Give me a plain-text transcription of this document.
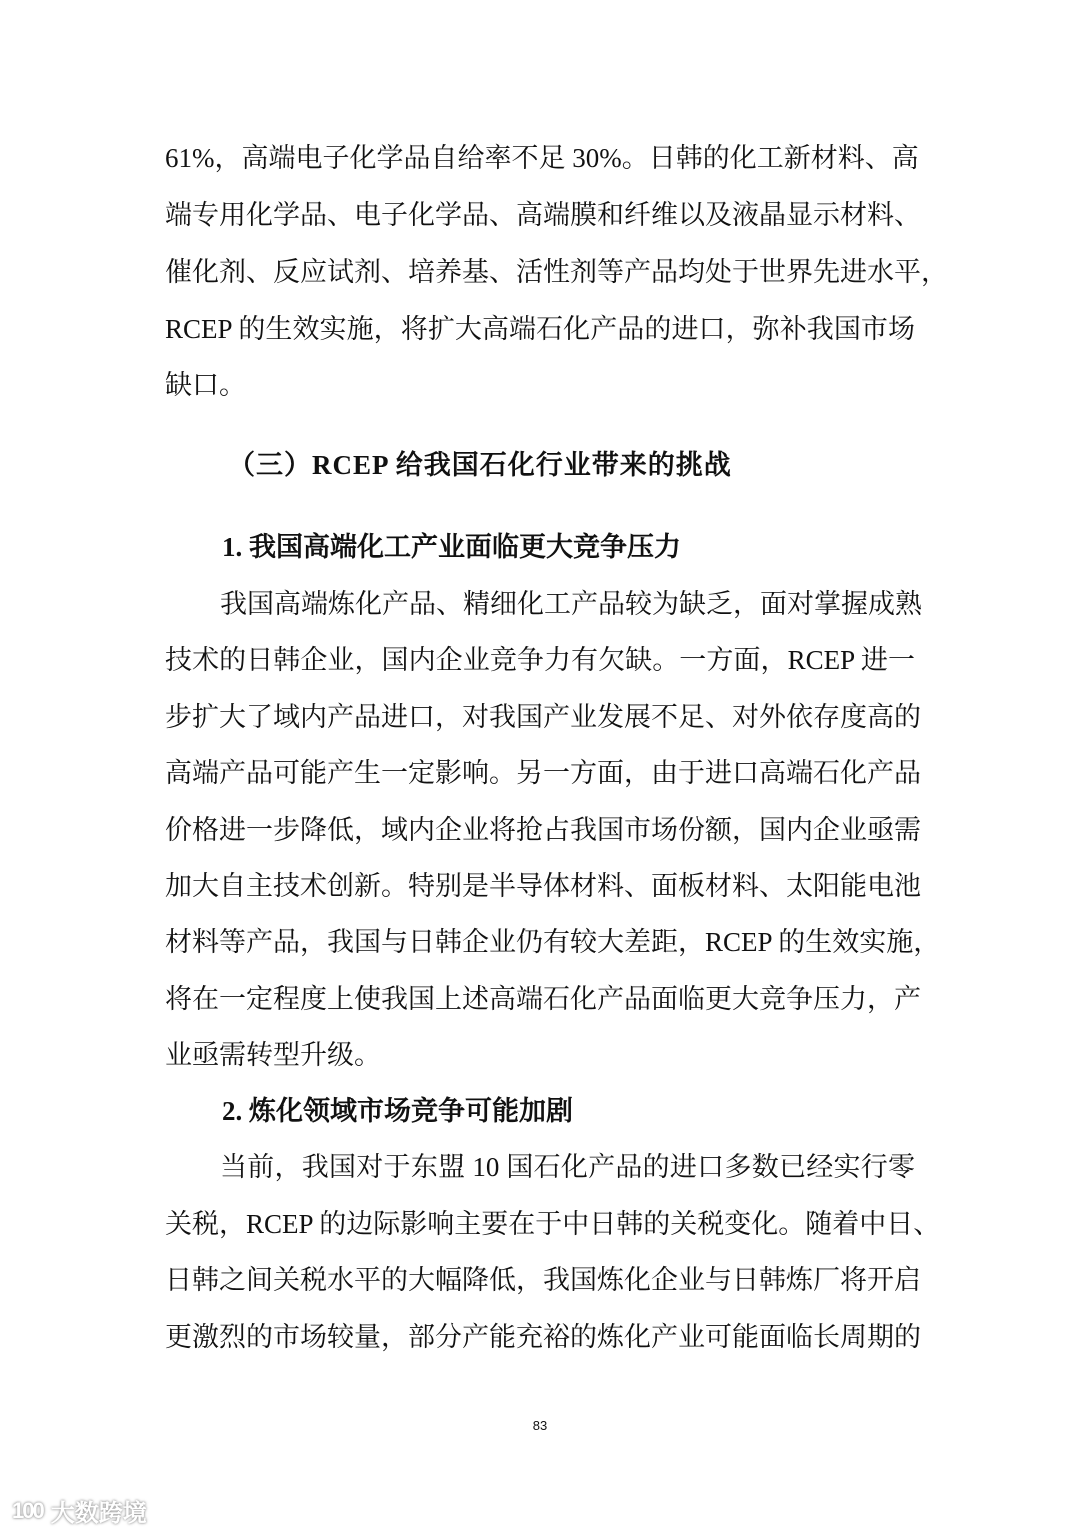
61%，高端电子化学品自给率不足 30%。日韩的化工新材料、高
端专用化学品、电子化学品、高端膜和纤维以及液晶显示材料、
催化剂、反应试剂、培养基、活性剂等产品均处于世界先进水平，
RCEP 的生效实施，将扩大高端石化产品的进口，弥补我国市场
缺口。
（三）RCEP 给我国石化行业带来的挑战
1. 我国高端化工产业面临更大竞争压力
我国高端炼化产品、精细化工产品较为缺乏，面对掌握成熟
技术的日韩企业，国内企业竞争力有欠缺。一方面，RCEP 进一
步扩大了域内产品进口，对我国产业发展不足、对外依存度高的
高端产品可能产生一定影响。另一方面，由于进口高端石化产品
价格进一步降低，域内企业将抢占我国市场份额，国内企业亟需
加大自主技术创新。特别是半导体材料、面板材料、太阳能电池
材料等产品，我国与日韩企业仍有较大差距，RCEP 的生效实施，
将在一定程度上使我国上述高端石化产品面临更大竞争压力，产
业亟需转型升级。
2. 炼化领域市场竞争可能加剧
当前，我国对于东盟 10 国石化产品的进口多数已经实行零
关税，RCEP 的边际影响主要在于中日韩的关税变化。随着中日、
日韩之间关税水平的大幅降低，我国炼化企业与日韩炼厂将开启
更激烈的市场较量，部分产能充裕的炼化产业可能面临长周期的
83
100 大数跨境
